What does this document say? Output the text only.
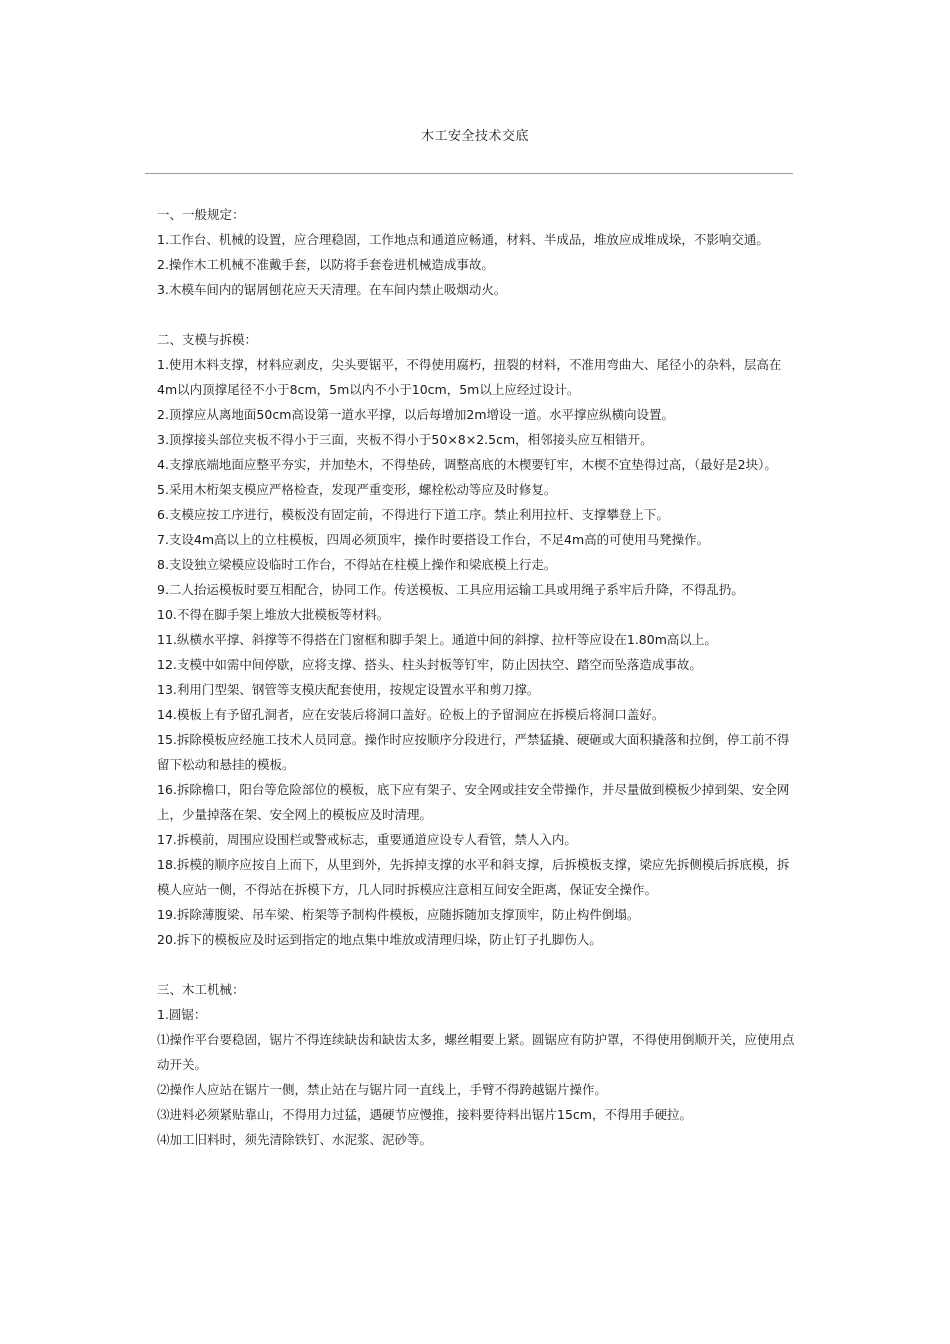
木工安全技术交底

一、一般规定：

1.工作台、机械的设置，应合理稳固，工作地点和通道应畅通，材料、半成品，堆放应成堆成垛，不影响交通。

2.操作木工机械不准戴手套，以防将手套卷进机械造成事故。

3.木模车间内的锯屑刨花应天天清理。在车间内禁止吸烟动火。

二、支模与拆模：

1.使用木料支撑，材料应剥皮，尖头要锯平，不得使用腐朽，扭裂的材料，不准用弯曲大、尾径小的杂料，层高在4m以内顶撑尾径不小于8cm，5m以内不小于10cm，5m以上应经过设计。

2.顶撑应从离地面50cm高设第一道水平撑，以后每增加2m增设一道。水平撑应纵横向设置。

3.顶撑接头部位夹板不得小于三面，夹板不得小于50×8×2.5cm，相邻接头应互相错开。

4.支撑底端地面应整平夯实，并加垫木，不得垫砖，调整高底的木楔要钉牢，木楔不宜垫得过高，（最好是2块）。

5.采用木桁架支模应严格检查，发现严重变形，螺栓松动等应及时修复。

6.支模应按工序进行，模板没有固定前，不得进行下道工序。禁止利用拉杆、支撑攀登上下。

7.支设4m高以上的立柱模板，四周必须顶牢，操作时要搭设工作台，不足4m高的可使用马凳操作。

8.支设独立梁模应设临时工作台，不得站在柱模上操作和梁底模上行走。

9.二人抬运模板时要互相配合，协同工作。传送模板、工具应用运输工具或用绳子系牢后升降，不得乱扔。

10.不得在脚手架上堆放大批模板等材料。

11.纵横水平撑、斜撑等不得搭在门窗框和脚手架上。通道中间的斜撑、拉杆等应设在1.80m高以上。

12.支模中如需中间停歇，应将支撑、搭头、柱头封板等钉牢，防止因扶空、踏空而坠落造成事故。

13.利用门型架、钢管等支模庆配套使用，按规定设置水平和剪刀撑。

14.模板上有予留孔洞者，应在安装后将洞口盖好。砼板上的予留洞应在拆模后将洞口盖好。

15.拆除模板应经施工技术人员同意。操作时应按顺序分段进行，严禁猛撬、硬砸或大面积撬落和拉倒，停工前不得留下松动和悬挂的模板。

16.拆除檐口，阳台等危险部位的模板，底下应有架子、安全网或挂安全带操作，并尽量做到模板少掉到架、安全网上，少量掉落在架、安全网上的模板应及时清理。

17.拆模前，周围应设围栏或警戒标志，重要通道应设专人看管，禁人入内。

18.拆模的顺序应按自上而下，从里到外，先拆掉支撑的水平和斜支撑，后拆模板支撑，梁应先拆侧模后拆底模，拆模人应站一侧，不得站在拆模下方，几人同时拆模应注意相互间安全距离，保证安全操作。

19.拆除薄腹梁、吊车梁、桁架等予制构件模板，应随拆随加支撑顶牢，防止构件倒塌。

20.拆下的模板应及时运到指定的地点集中堆放或清理归垛，防止钉子扎脚伤人。

三、木工机械：

1.圆锯：

⑴操作平台要稳固，锯片不得连续缺齿和缺齿太多，螺丝帽要上紧。圆锯应有防护罩，不得使用倒顺开关，应使用点动开关。

⑵操作人应站在锯片一侧，禁止站在与锯片同一直线上，手臂不得跨越锯片操作。

⑶进料必须紧贴靠山，不得用力过猛，遇硬节应慢推，接料要待料出锯片15cm，不得用手硬拉。

⑷加工旧料时，须先清除铁钉、水泥浆、泥砂等。
